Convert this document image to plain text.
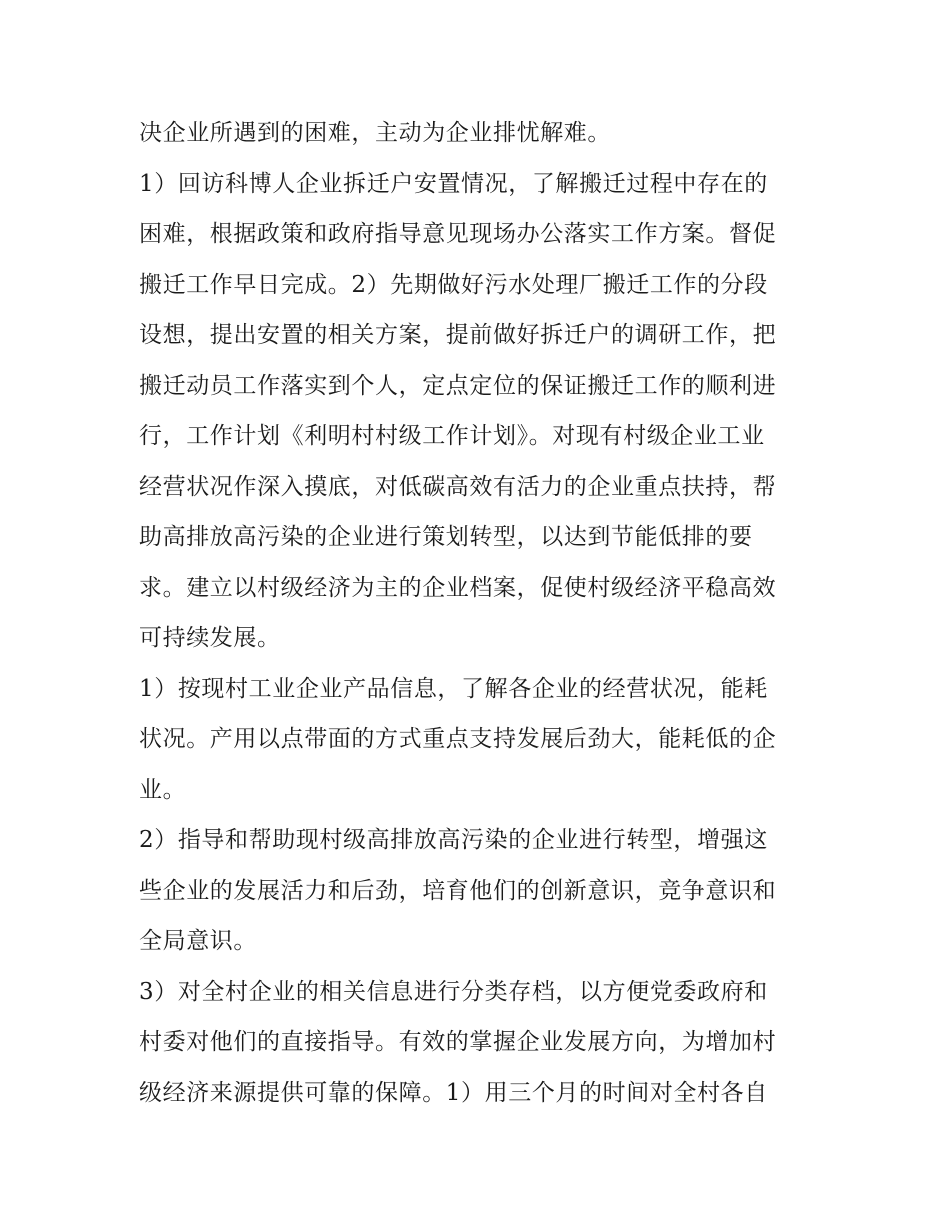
决企业所遇到的困难，主动为企业排忧解难。
1）回访科博人企业拆迁户安置情况，了解搬迁过程中存在的
困难，根据政策和政府指导意见现场办公落实工作方案。督促
搬迁工作早日完成。2）先期做好污水处理厂搬迁工作的分段
设想，提出安置的相关方案，提前做好拆迁户的调研工作，把
搬迁动员工作落实到个人，定点定位的保证搬迁工作的顺利进
行，工作计划《利明村村级工作计划》。对现有村级企业工业
经营状况作深入摸底，对低碳高效有活力的企业重点扶持，帮
助高排放高污染的企业进行策划转型，以达到节能低排的要
求。建立以村级经济为主的企业档案，促使村级经济平稳高效
可持续发展。
1）按现村工业企业产品信息，了解各企业的经营状况，能耗
状况。产用以点带面的方式重点支持发展后劲大，能耗低的企
业。
2）指导和帮助现村级高排放高污染的企业进行转型，增强这
些企业的发展活力和后劲，培育他们的创新意识，竞争意识和
全局意识。
3）对全村企业的相关信息进行分类存档，以方便党委政府和
村委对他们的直接指导。有效的掌握企业发展方向，为增加村
级经济来源提供可靠的保障。1）用三个月的时间对全村各自
